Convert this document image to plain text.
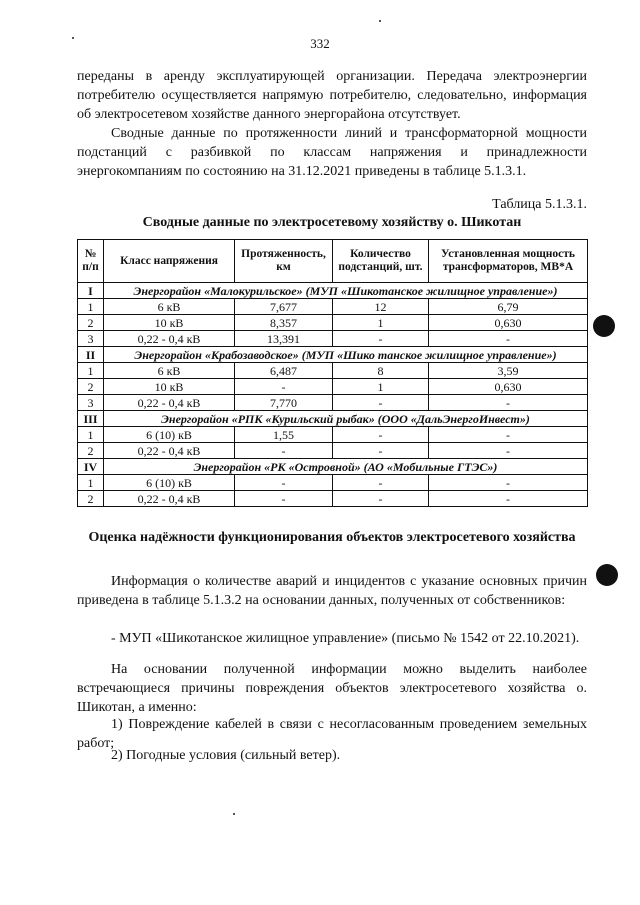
332

переданы в аренду эксплуатирующей организации. Передача электроэнергии потребителю осуществляется напрямую потребителю, следовательно, информация об электросетевом хозяйстве данного энергорайона отсутствует.

Сводные данные по протяженности линий и трансформаторной мощности подстанций с разбивкой по классам напряжения и принадлежности энергокомпаниям по состоянию на 31.12.2021 приведены в таблице 5.1.3.1.

Таблица 5.1.3.1.
Сводные данные по электросетевому хозяйству о. Шикотан
№ п/п	Класс напряжения	Протяженность, км	Количество подстанций, шт.	Установленная мощность трансформаторов, МВ*А
I	Энергорайон «Малокурильское» (МУП «Шикотанское жилищное управление»)			
1	6 кВ	7,677	12	6,79
2	10 кВ	8,357	1	0,630
3	0,22 - 0,4 кВ	13,391	-	-
II	Энергорайон «Крабозаводское» (МУП «Шико танское жилищное управление»)			
1	6 кВ	6,487	8	3,59
2	10 кВ	-	1	0,630
3	0,22 - 0,4 кВ	7,770	-	-
III	Энергорайон «РПК «Курильский рыбак» (ООО «ДальЭнергоИнвест»)			
1	6 (10) кВ	1,55	-	-
2	0,22 - 0,4 кВ	-	-	-
IV	Энергорайон «РК «Островной» (АО «Мобильные ГТЭС»)			
1	6 (10) кВ	-	-	-
2	0,22 - 0,4 кВ	-	-	-
Оценка надёжности функционирования объектов электросетевого хозяйства

Информация о количестве аварий и инцидентов с указание основных причин приведена в таблице 5.1.3.2 на основании данных, полученных от собственников:

- МУП «Шикотанское жилищное управление» (письмо № 1542 от 22.10.2021).

На основании полученной информации можно выделить наиболее встречающиеся причины повреждения объектов электросетевого хозяйства о. Шикотан, а именно:

1) Повреждение кабелей в связи с несогласованным проведением земельных работ;

2) Погодные условия (сильный ветер).
